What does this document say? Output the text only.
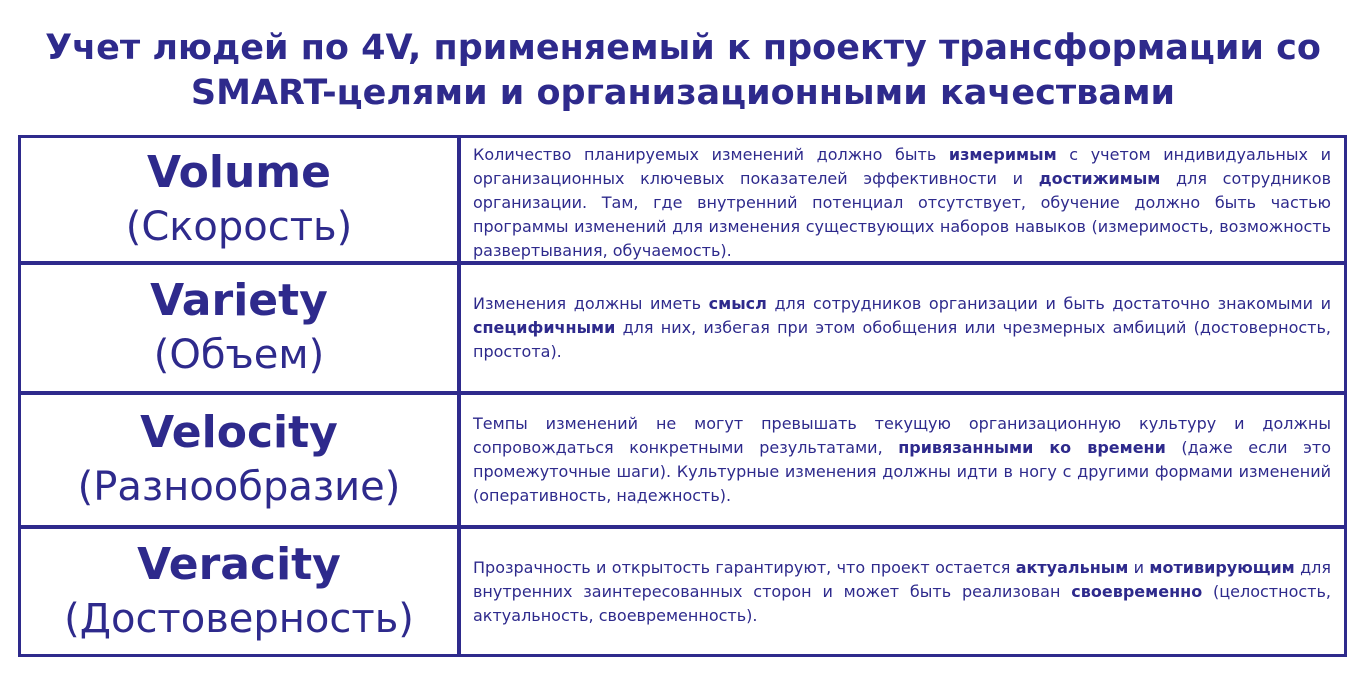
Учет людей по 4V, применяемый к проекту трансформации со
SMART-целями и организационными качествами
Volume
(Скорость)
Количество планируемых изменений должно быть измеримым с учетом индивидуальных и организационных ключевых показателей эффективности и достижимым для сотрудников организации. Там, где внутренний потенциал отсутствует, обучение должно быть частью программы изменений для изменения существующих наборов навыков (измеримость, возможность развертывания, обучаемость).
Variety
(Объем)
Изменения должны иметь смысл для сотрудников организации и быть достаточно знакомыми и специфичными для них, избегая при этом обобщения или чрезмерных амбиций (достоверность, простота).
Velocity
(Разнообразие)
Темпы изменений не могут превышать текущую организационную культуру и должны сопровождаться конкретными результатами, привязанными ко времени (даже если это промежуточные шаги). Культурные изменения должны идти в ногу с другими формами изменений (оперативность, надежность).
Veracity
(Достоверность)
Прозрачность и открытость гарантируют, что проект остается актуальным и мотивирующим для внутренних заинтересованных сторон и может быть реализован своевременно (целостность, актуальность, своевременность).
